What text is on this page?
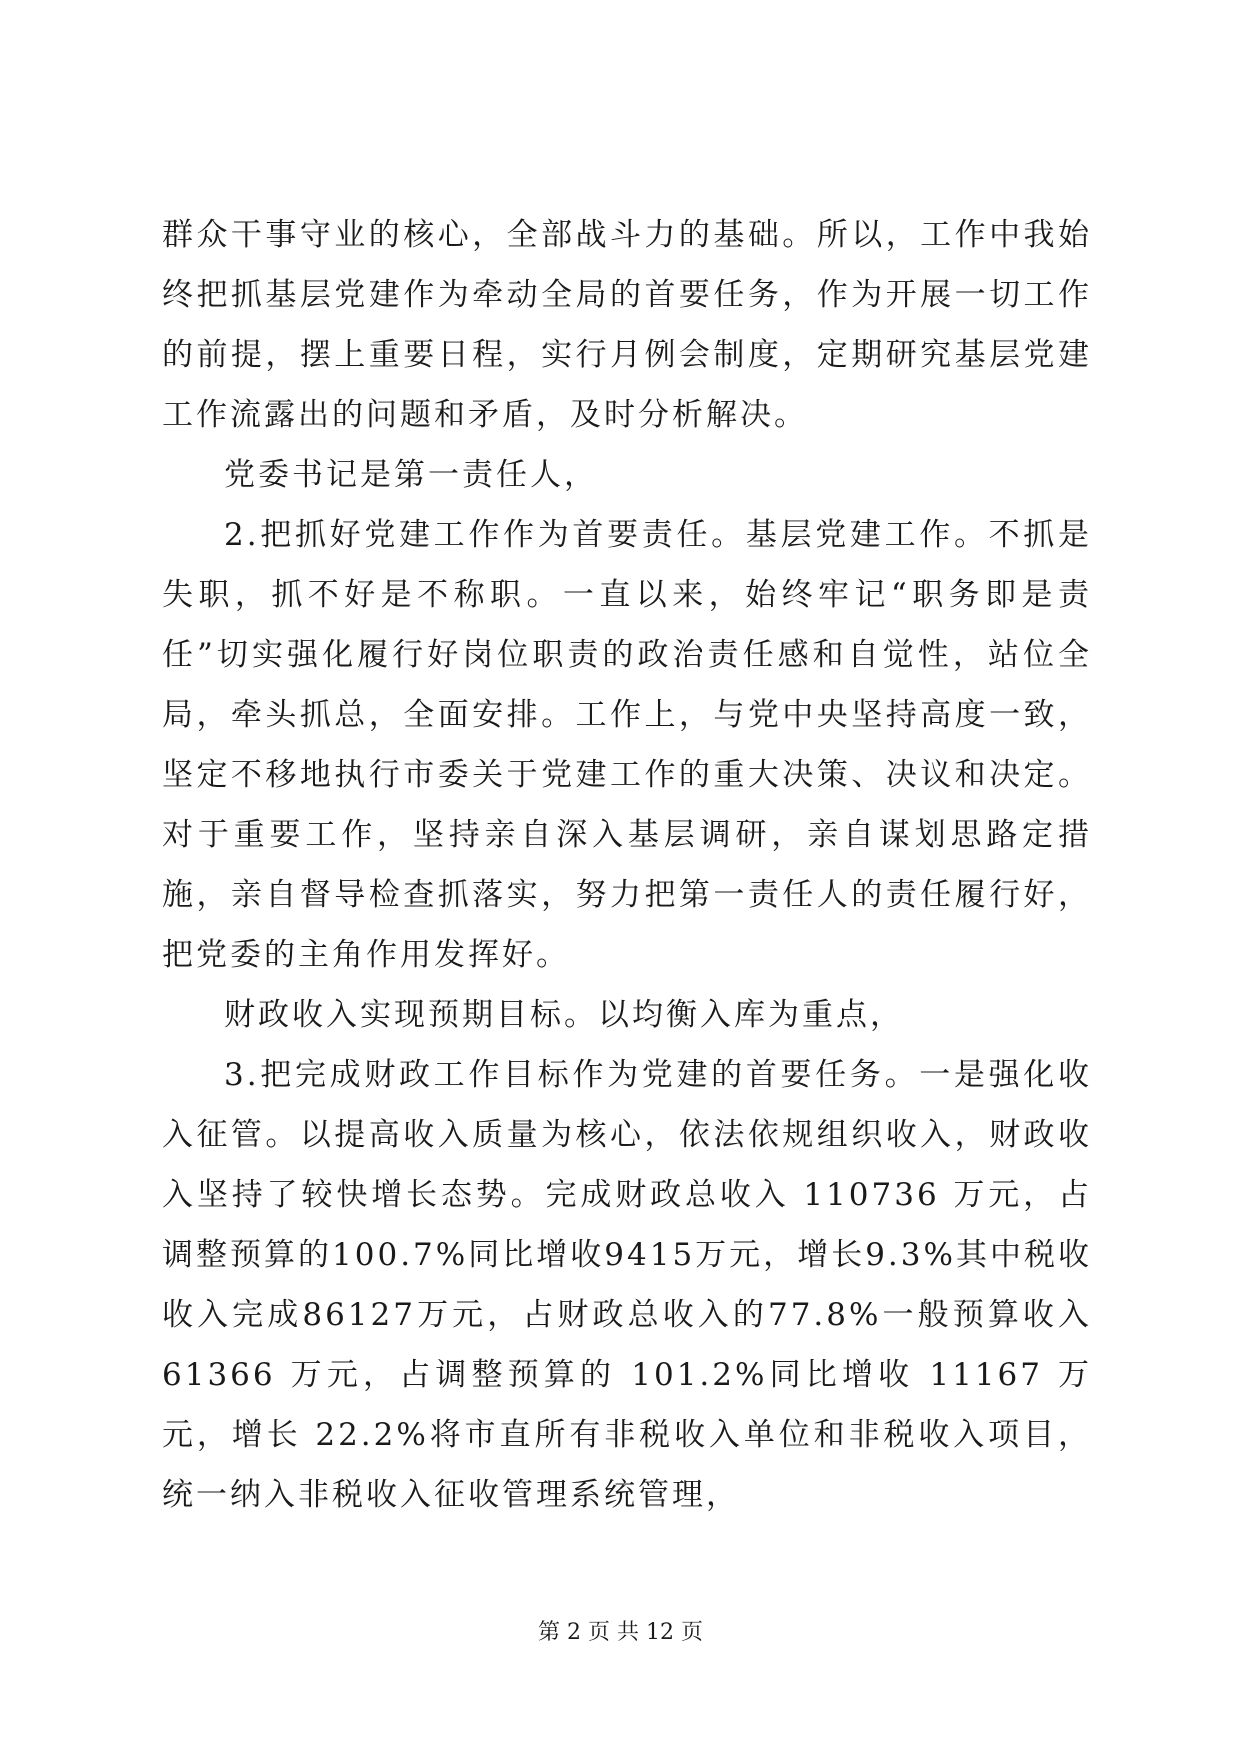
群众干事守业的核心，全部战斗力的基础。所以，工作中我始终把抓基层党建作为牵动全局的首要任务，作为开展一切工作的前提，摆上重要日程，实行月例会制度，定期研究基层党建工作流露出的问题和矛盾，及时分析解决。

党委书记是第一责任人，

2.把抓好党建工作作为首要责任。基层党建工作。不抓是失职，抓不好是不称职。一直以来，始终牢记“职务即是责任”切实强化履行好岗位职责的政治责任感和自觉性，站位全局，牵头抓总，全面安排。工作上，与党中央坚持高度一致，坚定不移地执行市委关于党建工作的重大决策、决议和决定。对于重要工作，坚持亲自深入基层调研，亲自谋划思路定措施，亲自督导检查抓落实，努力把第一责任人的责任履行好，把党委的主角作用发挥好。

财政收入实现预期目标。以均衡入库为重点，

3.把完成财政工作目标作为党建的首要任务。一是强化收入征管。以提高收入质量为核心，依法依规组织收入，财政收入坚持了较快增长态势。完成财政总收入 110736 万元，占调整预算的100.7%同比增收9415万元，增长9.3%其中税收收入完成86127万元，占财政总收入的77.8%一般预算收入 61366 万元，占调整预算的 101.2%同比增收 11167 万元，增长 22.2%将市直所有非税收入单位和非税收入项目，统一纳入非税收入征收管理系统管理，

第 2 页 共 12 页
